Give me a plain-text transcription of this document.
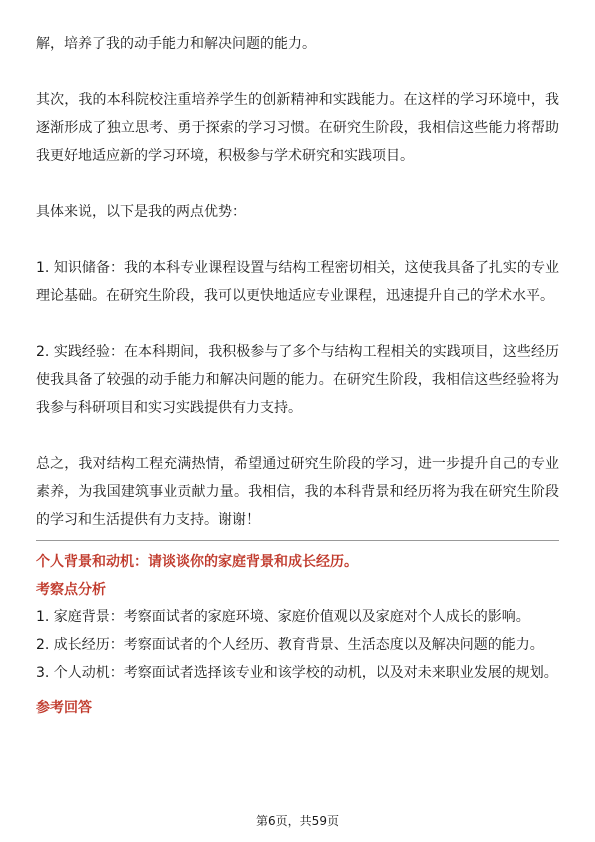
解，培养了我的动手能力和解决问题的能力。

其次，我的本科院校注重培养学生的创新精神和实践能力。在这样的学习环境中，我逐渐形成了独立思考、勇于探索的学习习惯。在研究生阶段，我相信这些能力将帮助我更好地适应新的学习环境，积极参与学术研究和实践项目。

具体来说，以下是我的两点优势：

1. 知识储备：我的本科专业课程设置与结构工程密切相关，这使我具备了扎实的专业理论基础。在研究生阶段，我可以更快地适应专业课程，迅速提升自己的学术水平。

2. 实践经验：在本科期间，我积极参与了多个与结构工程相关的实践项目，这些经历使我具备了较强的动手能力和解决问题的能力。在研究生阶段，我相信这些经验将为我参与科研项目和实习实践提供有力支持。

总之，我对结构工程充满热情，希望通过研究生阶段的学习，进一步提升自己的专业素养，为我国建筑事业贡献力量。我相信，我的本科背景和经历将为我在研究生阶段的学习和生活提供有力支持。谢谢！

个人背景和动机：请谈谈你的家庭背景和成长经历。
考察点分析

1. 家庭背景：考察面试者的家庭环境、家庭价值观以及家庭对个人成长的影响。

2. 成长经历：考察面试者的个人经历、教育背景、生活态度以及解决问题的能力。

3. 个人动机：考察面试者选择该专业和该学校的动机，以及对未来职业发展的规划。

参考回答
第6页，共59页
